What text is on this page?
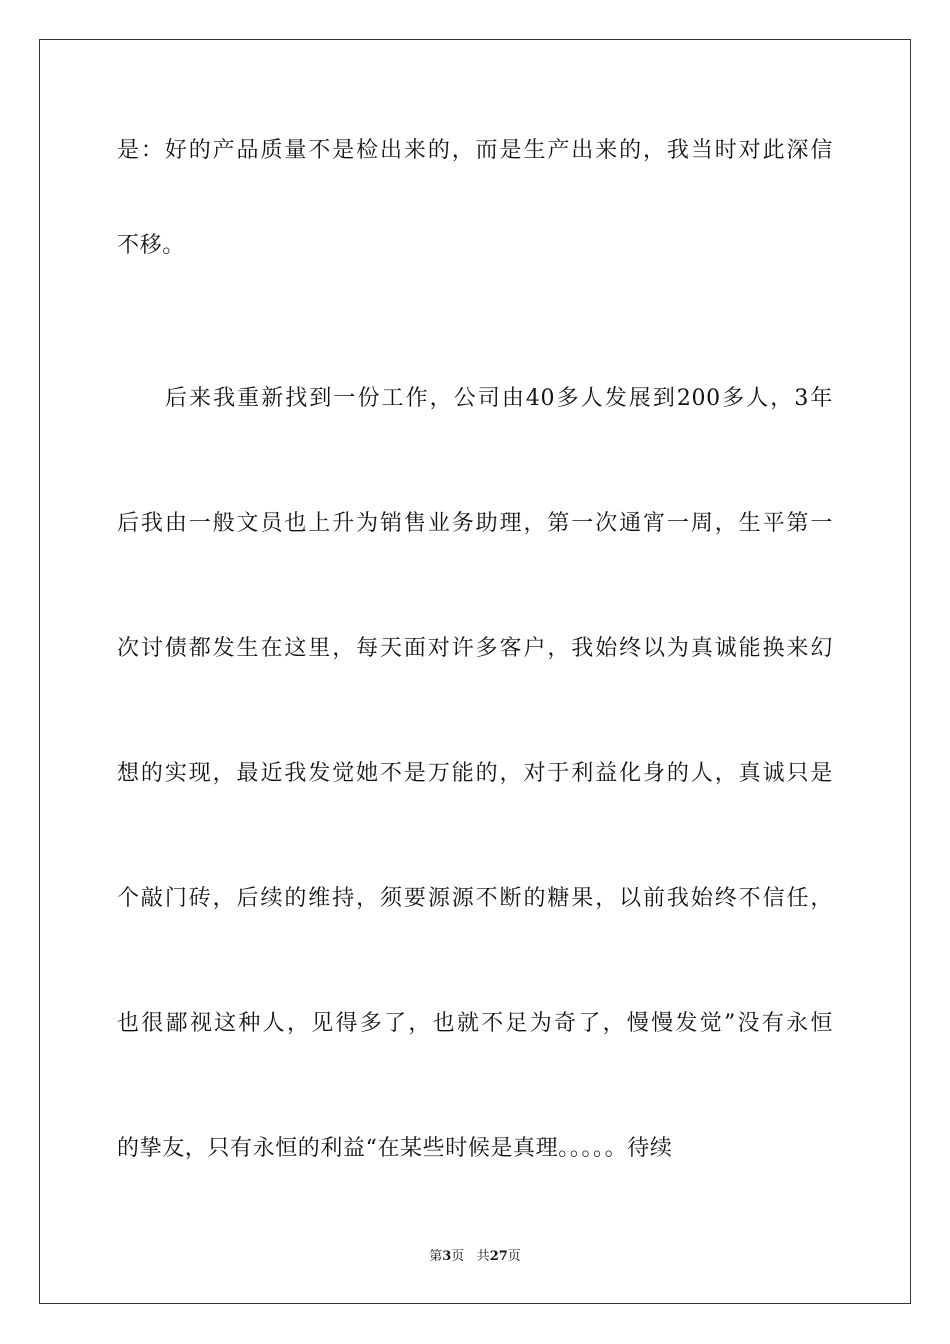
是：好的产品质量不是检出来的，而是生产出来的，我当时对此深信
不移。
后来我重新找到一份工作，公司由40多人发展到200多人，3年
后我由一般文员也上升为销售业务助理，第一次通宵一周，生平第一
次讨债都发生在这里，每天面对许多客户，我始终以为真诚能换来幻
想的实现，最近我发觉她不是万能的，对于利益化身的人，真诚只是
个敲门砖，后续的维持，须要源源不断的糖果，以前我始终不信任，
也很鄙视这种人，见得多了，也就不足为奇了，慢慢发觉”没有永恒
的挚友，只有永恒的利益“在某些时候是真理。。。。。待续
第3页 共27页
